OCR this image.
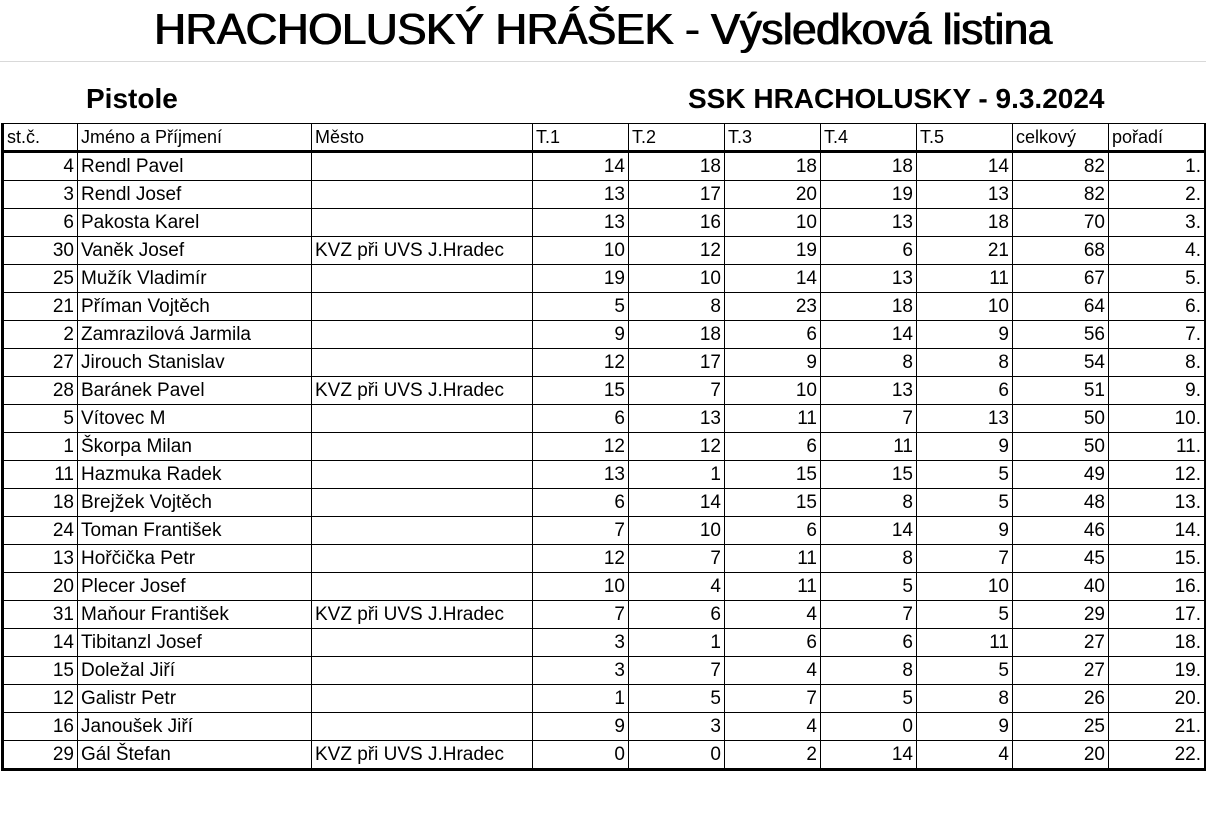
HRACHOLUSKÝ HRÁŠEK - Výsledková listina
Pistole	SSK HRACHOLUSKY - 9.3.2024
st.č.	Jméno a Příjmení	Město	T.1	T.2	T.3	T.4	T.5	celkový	pořadí
4	Rendl Pavel		14	18	18	18	14	82	1.
3	Rendl Josef		13	17	20	19	13	82	2.
6	Pakosta Karel		13	16	10	13	18	70	3.
30	Vaněk Josef	KVZ při UVS J.Hradec	10	12	19	6	21	68	4.
25	Mužík Vladimír		19	10	14	13	11	67	5.
21	Příman Vojtěch		5	8	23	18	10	64	6.
2	Zamrazilová Jarmila		9	18	6	14	9	56	7.
27	Jirouch Stanislav		12	17	9	8	8	54	8.
28	Baránek Pavel	KVZ při UVS J.Hradec	15	7	10	13	6	51	9.
5	Vítovec M		6	13	11	7	13	50	10.
1	Škorpa Milan		12	12	6	11	9	50	11.
11	Hazmuka Radek		13	1	15	15	5	49	12.
18	Brejžek Vojtěch		6	14	15	8	5	48	13.
24	Toman František		7	10	6	14	9	46	14.
13	Hořčička Petr		12	7	11	8	7	45	15.
20	Plecer Josef		10	4	11	5	10	40	16.
31	Maňour František	KVZ při UVS J.Hradec	7	6	4	7	5	29	17.
14	Tibitanzl Josef		3	1	6	6	11	27	18.
15	Doležal Jiří		3	7	4	8	5	27	19.
12	Galistr Petr		1	5	7	5	8	26	20.
16	Janoušek Jiří		9	3	4	0	9	25	21.
29	Gál Štefan	KVZ při UVS J.Hradec	0	0	2	14	4	20	22.
